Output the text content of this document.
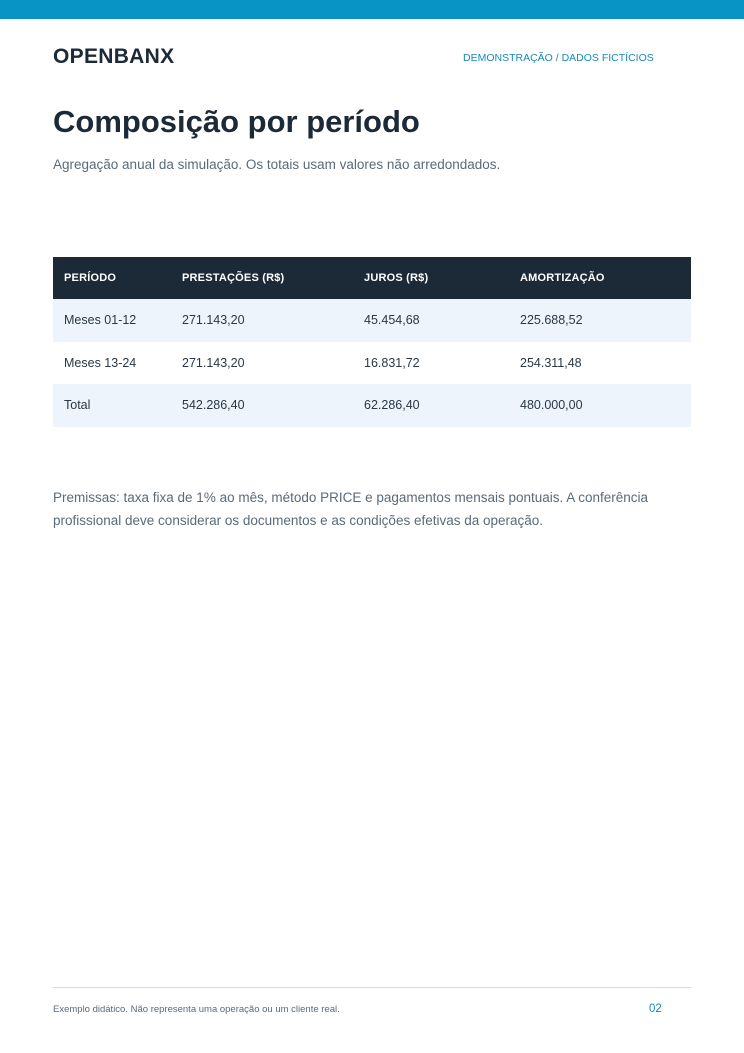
OPENBANX	DEMONSTRAÇÃO / DADOS FICTÍCIOS
Composição por período

Agregação anual da simulação. Os totais usam valores não arredondados.

PERÍODO	PRESTAÇÕES (R$)	JUROS (R$)	AMORTIZAÇÃO
Meses 01-12	271.143,20	45.454,68	225.688,52
Meses 13-24	271.143,20	16.831,72	254.311,48
Total	542.286,40	62.286,40	480.000,00

Premissas: taxa fixa de 1% ao mês, método PRICE e pagamentos mensais pontuais. A conferência
profissional deve considerar os documentos e as condições efetivas da operação.

Exemplo didático. Não representa uma operação ou um cliente real.	02
